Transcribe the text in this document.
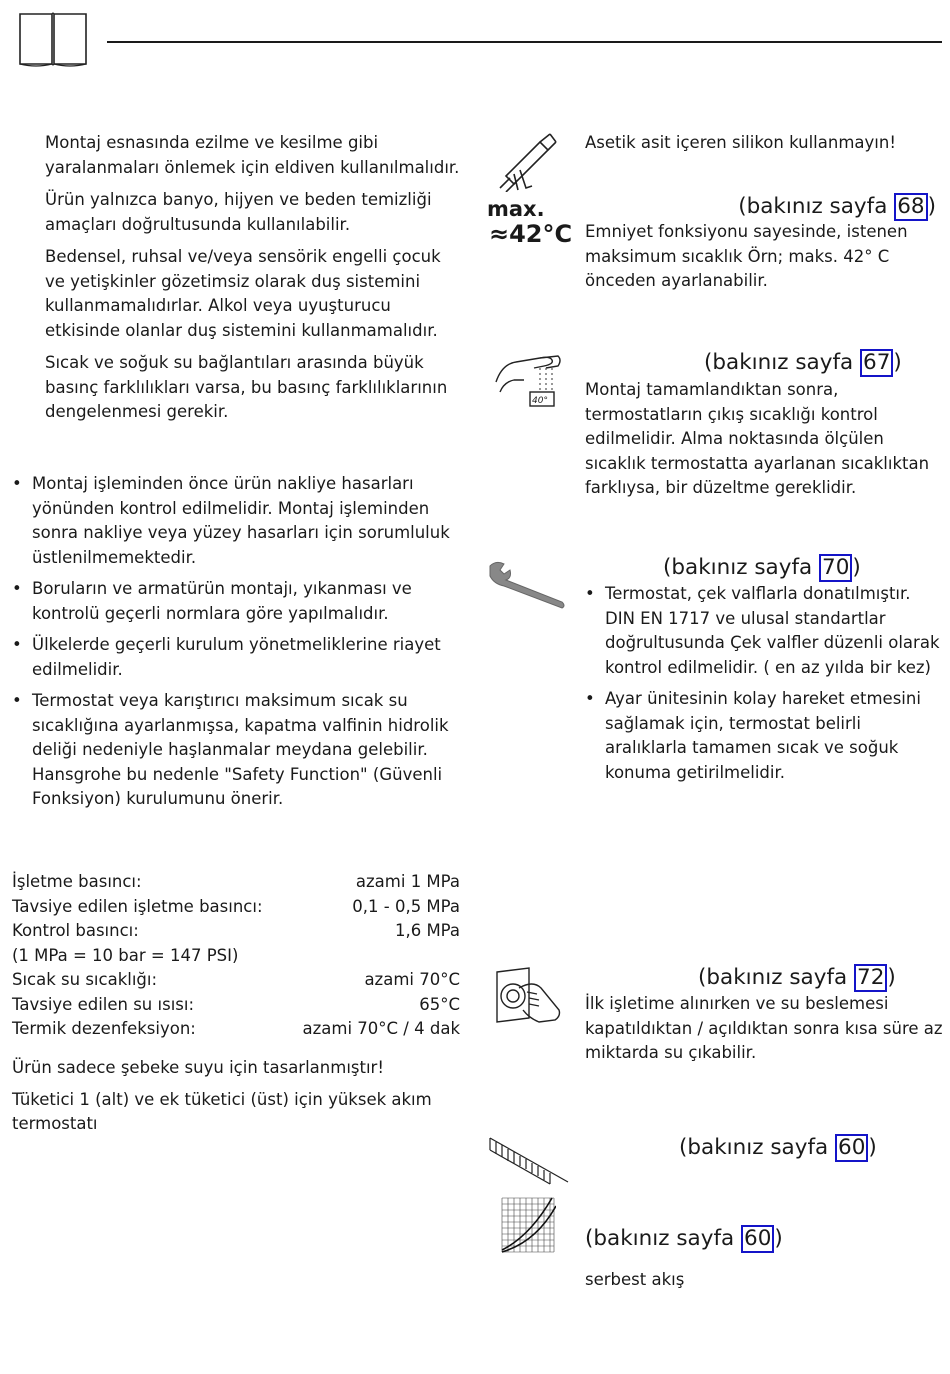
Montaj esnasında ezilme ve kesilme gibi yaralanmaları önlemek için eldiven kullanılmalıdır.

Ürün yalnızca banyo, hijyen ve beden temizliği amaçları doğrultusunda kullanılabilir.

Bedensel, ruhsal ve/veya sensörik engelli çocuk ve yetişkinler gözetimsiz olarak duş sistemini kullanmamalıdırlar. Alkol veya uyuşturucu etkisinde olanlar duş sistemini kullanmamalıdır.

Sıcak ve soğuk su bağlantıları arasında büyük basınç farklılıkları varsa, bu basınç farklılıklarının dengelenmesi gerekir.

• Montaj işleminden önce ürün nakliye hasarları yönünden kontrol edilmelidir. Montaj işleminden sonra nakliye veya yüzey hasarları için sorumluluk üstlenilmemektedir.
• Boruların ve armatürün montajı, yıkanması ve kontrolü geçerli normlara göre yapılmalıdır.
• Ülkelerde geçerli kurulum yönetmeliklerine riayet edilmelidir.
• Termostat veya karıştırıcı maksimum sıcak su sıcaklığına ayarlanmışsa, kapatma valfinin hidrolik deliği nedeniyle haşlanmalar meydana gelebilir. Hansgrohe bu nedenle "Safety Function" (Güvenli Fonksiyon) kurulumunu önerir.
İşletme basıncı:	azami 1 MPa
Tavsiye edilen işletme basıncı:	0,1 - 0,5 MPa
Kontrol basıncı:	1,6 MPa
(1 MPa = 10 bar = 147 PSI)
Sıcak su sıcaklığı:	azami 70°C
Tavsiye edilen su ısısı:	65°C
Termik dezenfeksiyon:	azami 70°C / 4 dak

Ürün sadece şebeke suyu için tasarlanmıştır!

Tüketici 1 (alt) ve ek tüketici (üst) için yüksek akım termostatı

Asetik asit içeren silikon kullanmayın!

max.
≈42°C
(bakınız sayfa 68 )

Emniyet fonksiyonu sayesinde, istenen maksimum sıcaklık Örn; maks. 42° C önceden ayarlanabilir.

40°
(bakınız sayfa 67 )

Montaj tamamlandıktan sonra, termostatların çıkış sıcaklığı kontrol edilmelidir. Alma noktasında ölçülen sıcaklık termostatta ayarlanan sıcaklıktan farklıysa, bir düzeltme gereklidir.

(bakınız sayfa 70 )
• Termostat, çek valflarla donatılmıştır. DIN EN 1717 ve ulusal standartlar doğrultusunda Çek valfler düzenli olarak kontrol edilmelidir. ( en az yılda bir kez)
• Ayar ünitesinin kolay hareket etmesini sağlamak için, termostat belirli aralıklarla tamamen sıcak ve soğuk konuma getirilmelidir.
(bakınız sayfa 72 )

İlk işletime alınırken ve su beslemesi kapatıldıktan / açıldıktan sonra kısa süre az miktarda su çıkabilir.

(bakınız sayfa 60 )
(bakınız sayfa 60 )

serbest akış
